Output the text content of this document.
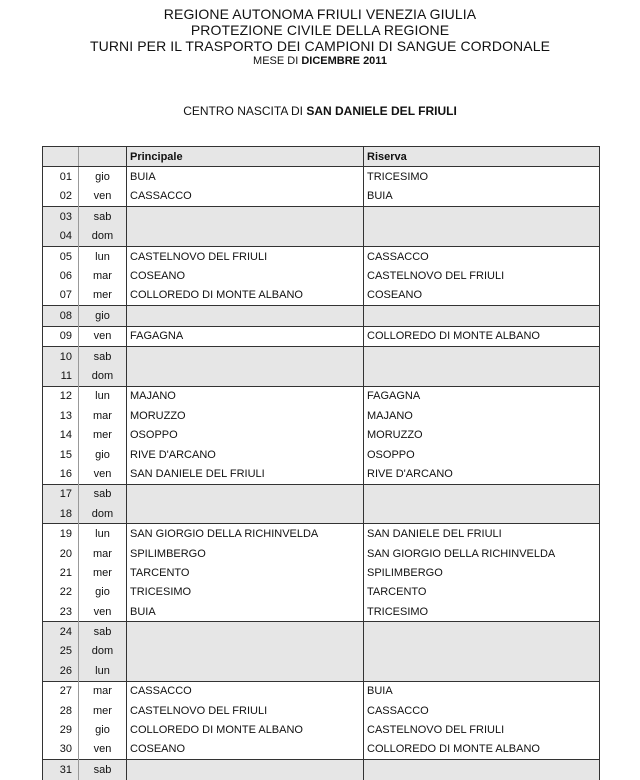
REGIONE AUTONOMA FRIULI VENEZIA GIULIA
PROTEZIONE CIVILE DELLA REGIONE
TURNI PER IL TRASPORTO DEI CAMPIONI DI SANGUE CORDONALE
MESE DI DICEMBRE 2011
CENTRO NASCITA DI SAN DANIELE DEL FRIULI
		Principale	Riserva
01	gio	BUIA	TRICESIMO
02	ven	CASSACCO	BUIA
03	sab		
04	dom		
05	lun	CASTELNOVO DEL FRIULI	CASSACCO
06	mar	COSEANO	CASTELNOVO DEL FRIULI
07	mer	COLLOREDO DI MONTE ALBANO	COSEANO
08	gio		
09	ven	FAGAGNA	COLLOREDO DI MONTE ALBANO
10	sab		
11	dom		
12	lun	MAJANO	FAGAGNA
13	mar	MORUZZO	MAJANO
14	mer	OSOPPO	MORUZZO
15	gio	RIVE D'ARCANO	OSOPPO
16	ven	SAN DANIELE DEL FRIULI	RIVE D'ARCANO
17	sab		
18	dom		
19	lun	SAN GIORGIO DELLA RICHINVELDA	SAN DANIELE DEL FRIULI
20	mar	SPILIMBERGO	SAN GIORGIO DELLA RICHINVELDA
21	mer	TARCENTO	SPILIMBERGO
22	gio	TRICESIMO	TARCENTO
23	ven	BUIA	TRICESIMO
24	sab		
25	dom		
26	lun		
27	mar	CASSACCO	BUIA
28	mer	CASTELNOVO DEL FRIULI	CASSACCO
29	gio	COLLOREDO DI MONTE ALBANO	CASTELNOVO DEL FRIULI
30	ven	COSEANO	COLLOREDO DI MONTE ALBANO
31	sab		
